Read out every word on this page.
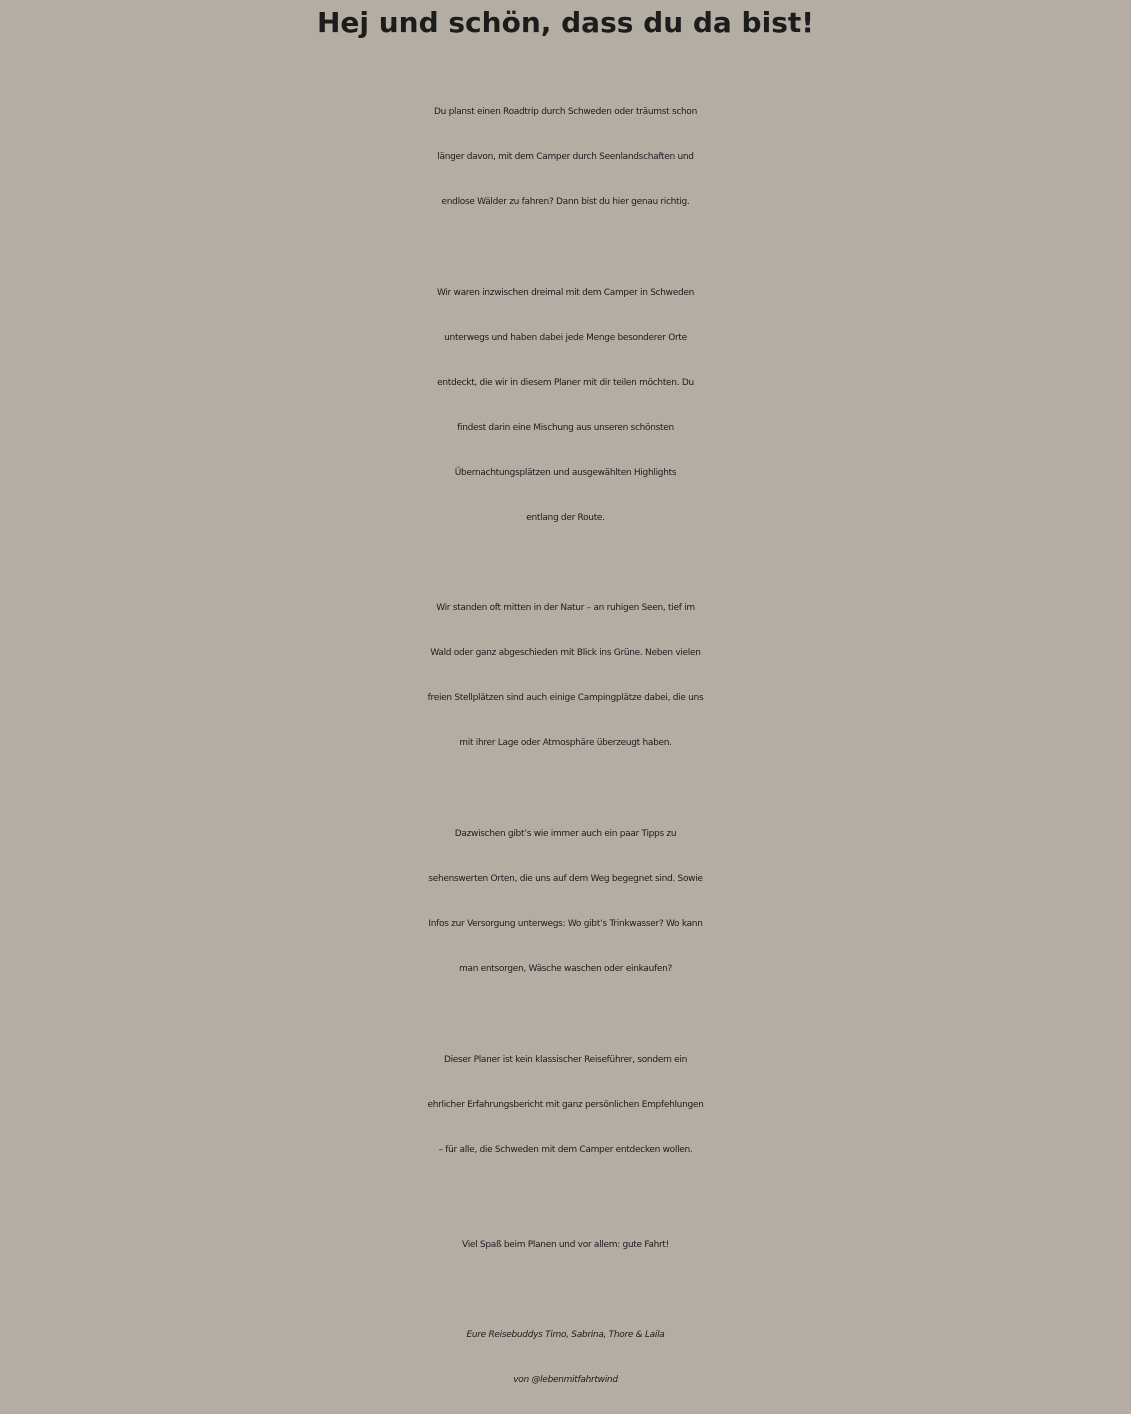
Hej und schön, dass du da bist!

Du planst einen Roadtrip durch Schweden oder träumst schon
länger davon, mit dem Camper durch Seenlandschaften und
endlose Wälder zu fahren? Dann bist du hier genau richtig.

Wir waren inzwischen dreimal mit dem Camper in Schweden
unterwegs und haben dabei jede Menge besonderer Orte
entdeckt, die wir in diesem Planer mit dir teilen möchten. Du
findest darin eine Mischung aus unseren schönsten
Übernachtungsplätzen und ausgewählten Highlights
entlang der Route.

Wir standen oft mitten in der Natur – an ruhigen Seen, tief im
Wald oder ganz abgeschieden mit Blick ins Grüne. Neben vielen
freien Stellplätzen sind auch einige Campingplätze dabei, die uns
mit ihrer Lage oder Atmosphäre überzeugt haben.

Dazwischen gibt’s wie immer auch ein paar Tipps zu
sehenswerten Orten, die uns auf dem Weg begegnet sind. Sowie
Infos zur Versorgung unterwegs: Wo gibt’s Trinkwasser? Wo kann
man entsorgen, Wäsche waschen oder einkaufen?

Dieser Planer ist kein klassischer Reiseführer, sondern ein
ehrlicher Erfahrungsbericht mit ganz persönlichen Empfehlungen
– für alle, die Schweden mit dem Camper entdecken wollen.

Viel Spaß beim Planen und vor allem: gute Fahrt!

Eure Reisebuddys Timo, Sabrina, Thore & Laila
von @lebenmitfahrtwind
